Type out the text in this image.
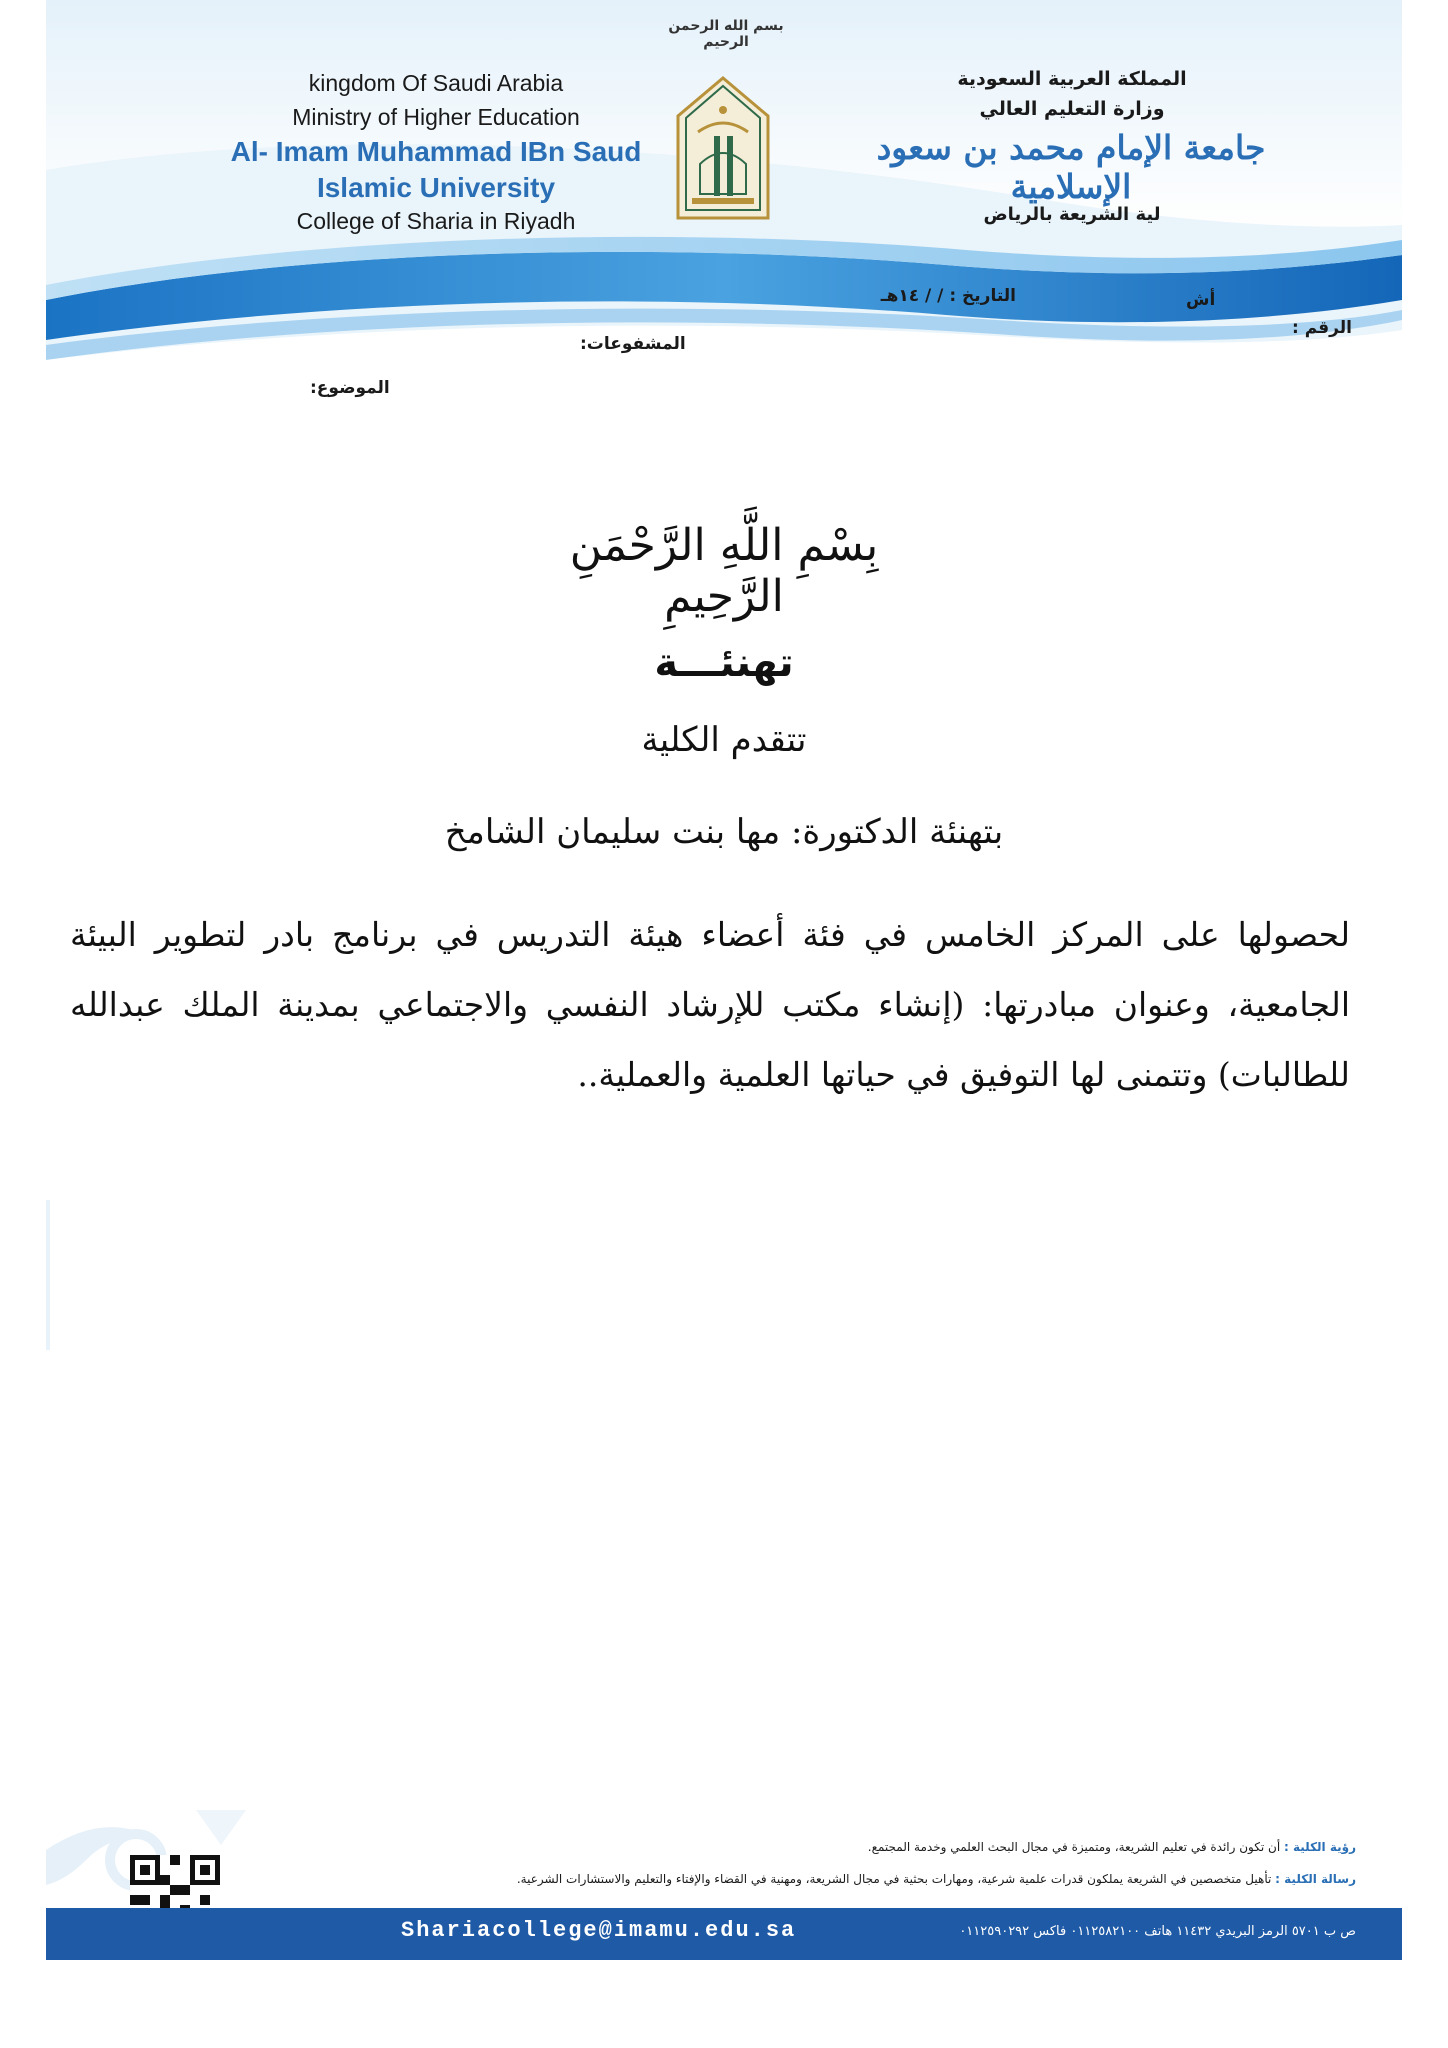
بسم الله الرحمن الرحيم
kingdom Of Saudi Arabia
Ministry of Higher Education
Al- Imam Muhammad IBn Saud
Islamic University
College of Sharia in Riyadh
المملكة العربية السعودية
وزارة التعليم العالي
جامعة الإمام محمد بن سعود الإسلامية
لية الشريعة بالرياض
الرقم :
أش
التاريخ : / / ١٤هـ
المشفوعات:
الموضوع:
بِسْمِ اللَّهِ الرَّحْمَنِ الرَّحِيمِ
تهنئـــة
تتقدم الكلية
بتهنئة الدكتورة: مها بنت سليمان الشامخ
لحصولها على المركز الخامس في فئة أعضاء هيئة التدريس في برنامج بادر لتطوير البيئة الجامعية، وعنوان مبادرتها: (إنشاء مكتب للإرشاد النفسي والاجتماعي بمدينة الملك عبدالله للطالبات) وتتمنى لها التوفيق في حياتها العلمية والعملية..
رؤية الكلية : أن تكون رائدة في تعليم الشريعة، ومتميزة في مجال البحث العلمي وخدمة المجتمع.
رسالة الكلية : تأهيل متخصصين في الشريعة يملكون قدرات علمية شرعية، ومهارات بحثية في مجال الشريعة، ومهنية في القضاء والإفتاء والتعليم والاستشارات الشرعية.
Shariacollege@imamu.edu.sa	ص ب ٥٧٠١ الرمز البريدي ١١٤٣٢ هاتف ٠١١٢٥٨٢١٠٠ فاكس ٠١١٢٥٩٠٢٩٢
